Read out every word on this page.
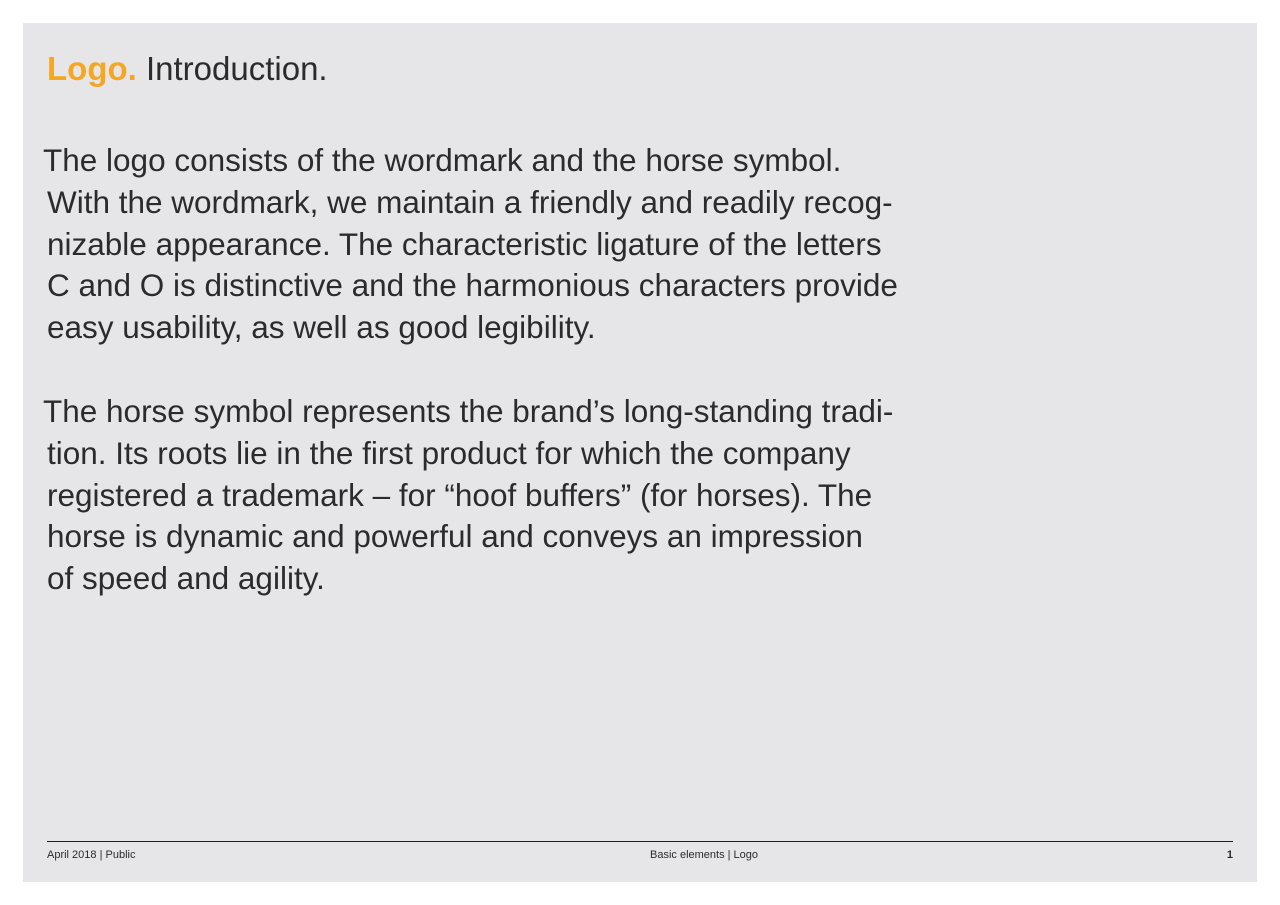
Logo. Introduction.
The logo consists of the wordmark and the horse symbol.
With the wordmark, we maintain a friendly and readily recog-
nizable appearance. The characteristic ligature of the letters
C and O is distinctive and the harmonious characters provide
easy usability, as well as good legibility.
The horse symbol represents the brand’s long-standing tradi-
tion. Its roots lie in the first product for which the company
registered a trademark – for “hoof buffers” (for horses). The
horse is dynamic and powerful and conveys an impression
of speed and agility.
April 2018 | Public	Basic elements | Logo	1
